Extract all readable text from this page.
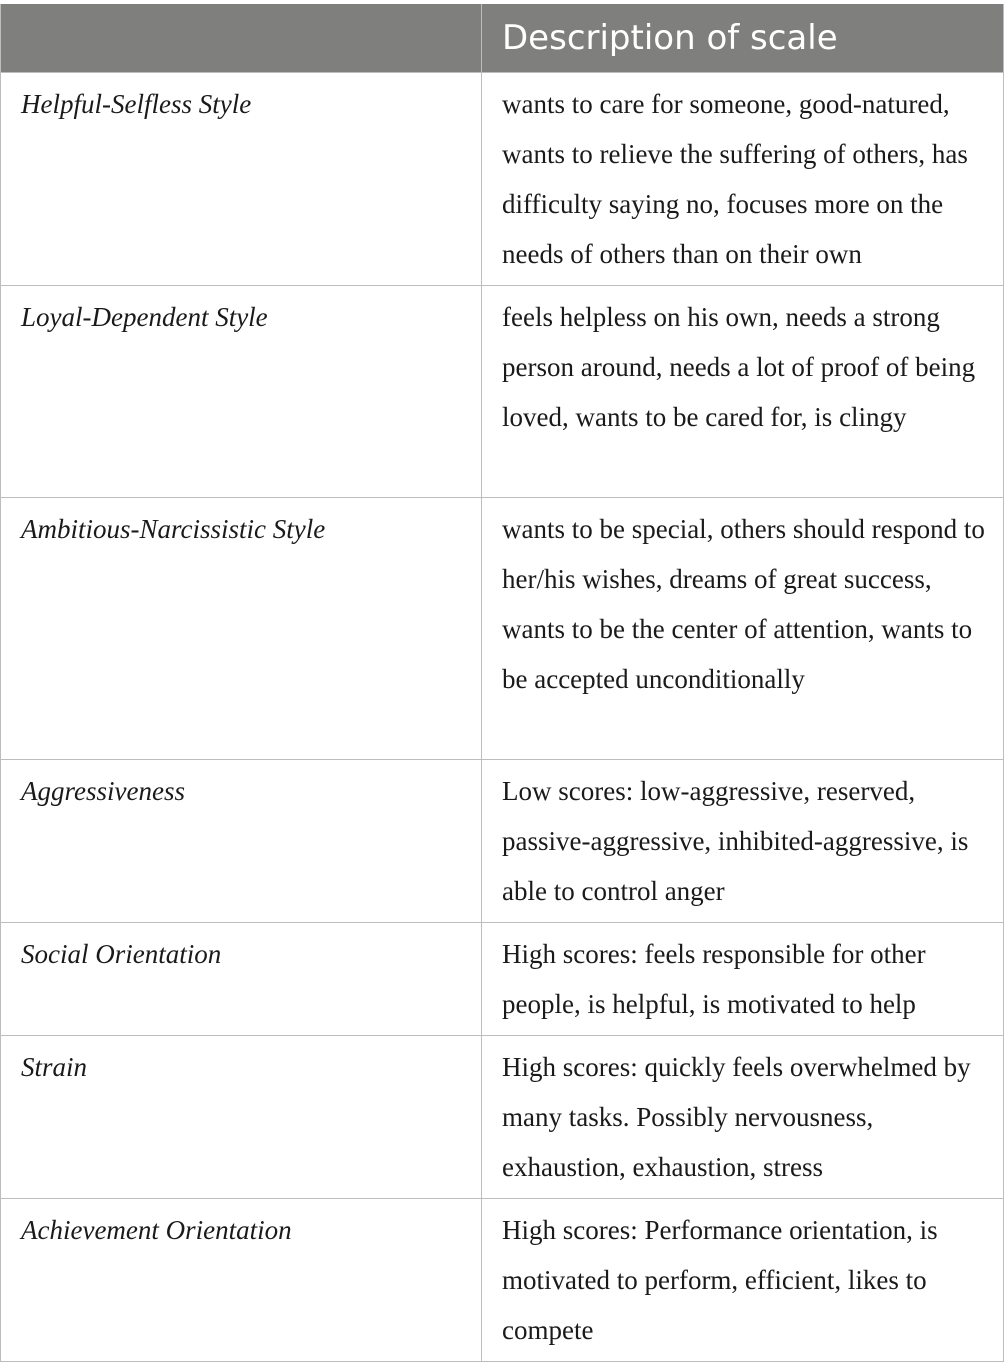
	Description of scale
Helpful-Selfless Style	wants to care for someone, good-natured, wants to relieve the suffering of others, has difficulty saying no, focuses more on the needs of others than on their own
Loyal-Dependent Style	feels helpless on his own, needs a strong person around, needs a lot of proof of being loved, wants to be cared for, is clingy
Ambitious-Narcissistic Style	wants to be special, others should respond to her/his wishes, dreams of great success, wants to be the center of attention, wants to be accepted unconditionally
Aggressiveness	Low scores: low-aggressive, reserved, passive-aggressive, inhibited-aggressive, is able to control anger
Social Orientation	High scores: feels responsible for other people, is helpful, is motivated to help
Strain	High scores: quickly feels overwhelmed by many tasks. Possibly nervousness, exhaustion, exhaustion, stress
Achievement Orientation	High scores: Performance orientation, is motivated to perform, efficient, likes to compete
